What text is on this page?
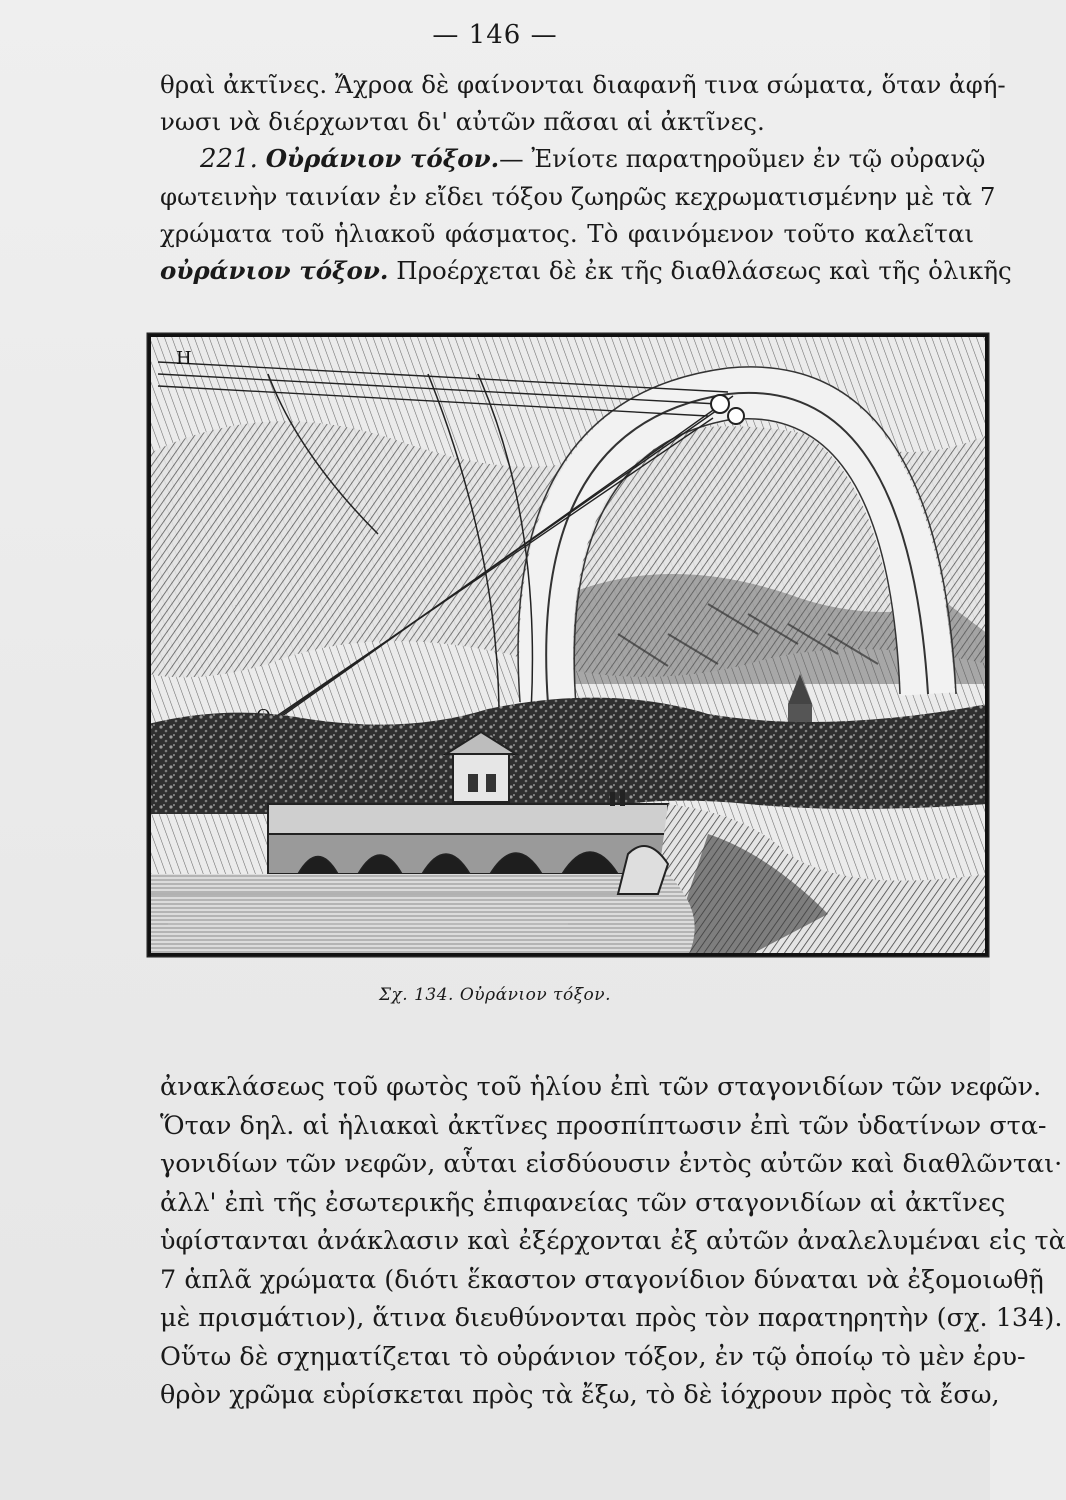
— 146 —
θραὶ ἀκτῖνες. Ἄχροα δὲ φαίνονται διαφανῆ τινα σώματα, ὅταν ἀφή-
νωσι νὰ διέρχωνται δι' αὐτῶν πᾶσαι αἱ ἀκτῖνες.
221. Οὐράνιον τόξον.— Ἐνίοτε παρατηροῦμεν ἐν τῷ οὐρανῷ
φωτεινὴν ταινίαν ἐν εἴδει τόξου ζωηρῶς κεχρωματισμένην μὲ τὰ 7
χρώματα τοῦ ἡλιακοῦ φάσματος. Τὸ φαινόμενον τοῦτο καλεῖται
οὐράνιον τόξον. Προέρχεται δὲ ἐκ τῆς διαθλάσεως καὶ τῆς ὁλικῆς
H
Σχ. 134. Οὐράνιον τόξον.
ἀνακλάσεως τοῦ φωτὸς τοῦ ἡλίου ἐπὶ τῶν σταγονιδίων τῶν νεφῶν.
Ὅταν δηλ. αἱ ἡλιακαὶ ἀκτῖνες προσπίπτωσιν ἐπὶ τῶν ὑδατίνων στα-
γονιδίων τῶν νεφῶν, αὗται εἰσδύουσιν ἐντὸς αὐτῶν καὶ διαθλῶνται·
ἀλλ' ἐπὶ τῆς ἐσωτερικῆς ἐπιφανείας τῶν σταγονιδίων αἱ ἀκτῖνες
ὑφίστανται ἀνάκλασιν καὶ ἐξέρχονται ἐξ αὐτῶν ἀναλελυμέναι εἰς τὰ
7 ἁπλᾶ χρώματα (διότι ἕκαστον σταγονίδιον δύναται νὰ ἐξομοιωθῇ
μὲ πρισμάτιον), ἅτινα διευθύνονται πρὸς τὸν παρατηρητὴν (σχ. 134).
Οὕτω δὲ σχηματίζεται τὸ οὐράνιον τόξον, ἐν τῷ ὁποίῳ τὸ μὲν ἐρυ-
θρὸν χρῶμα εὑρίσκεται πρὸς τὰ ἔξω, τὸ δὲ ἰόχρουν πρὸς τὰ ἔσω,
